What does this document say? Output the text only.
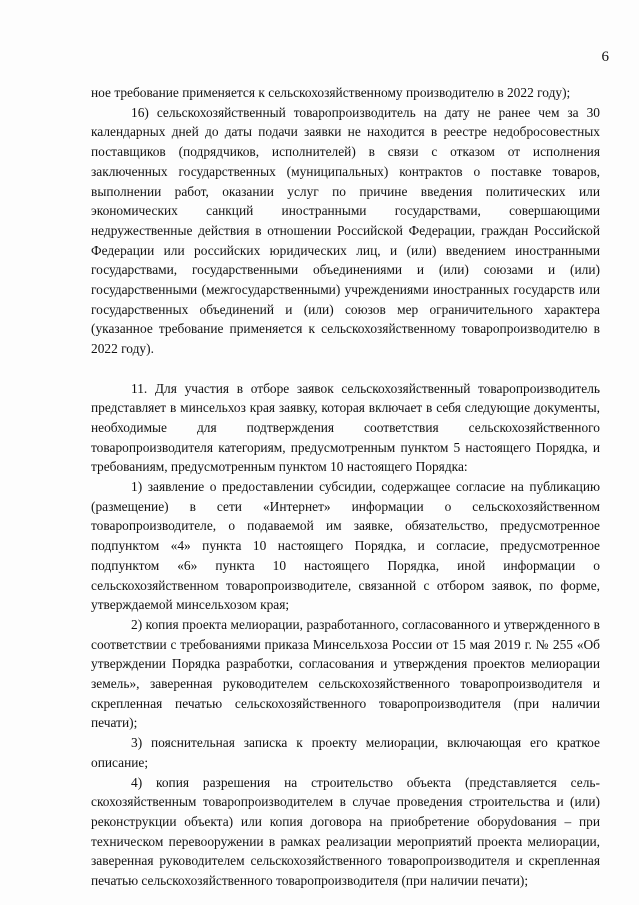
6

ное требование применяется к сельскохозяйственному производителю в 2022 году);

16) сельскохозяйственный товаропроизводитель на дату не ранее чем за 30 календарных дней до даты подачи заявки не находится в реестре недобросовестных поставщиков (подрядчиков, исполнителей) в связи с отказом от исполнения заключенных государственных (муниципальных) контрактов о поставке товаров, выполнении работ, оказании услуг по причине введения политических или экономических санкций иностранными государствами, совершающими недружественные действия в отношении Российской Федерации, граждан Российской Федерации или российских юридических лиц, и (или) введением иностранными государствами, государственными объединениями и (или) союзами и (или) государственными (межгосударственными) учреждениями иностранных государств или государственных объединений и (или) союзов мер ограничительного характера (указанное требование применяется к сельскохозяйственному товаропроизводителю в 2022 году).

11. Для участия в отборе заявок сельскохозяйственный товаропроизводитель представляет в минсельхоз края заявку, которая включает в себя следующие документы, необходимые для подтверждения соответствия сельскохозяйственного товаропроизводителя категориям, предусмотренным пунктом 5 настоящего Порядка, и требованиям, предусмотренным пунктом 10 настоящего Порядка:

1) заявление о предоставлении субсидии, содержащее согласие на публикацию (размещение) в сети «Интернет» информации о сельскохозяйственном товаропроизводителе, о подаваемой им заявке, обязательство, предусмотренное подпунктом «4» пункта 10 настоящего Порядка, и согласие, предусмотренное подпунктом «6» пункта 10 настоящего Порядка, иной информации о сельскохозяйственном товаропроизводителе, связанной с отбором заявок, по форме, утверждаемой минсельхозом края;

2) копия проекта мелиорации, разработанного, согласованного и утвержденного в соответствии с требованиями приказа Минсельхоза России от 15 мая 2019 г. № 255 «Об утверждении Порядка разработки, согласования и утверждения проектов мелиорации земель», заверенная руководителем сельскохозяйственного товаропроизводителя и скрепленная печатью сельскохозяйственного товаропроизводителя (при наличии печати);

3) пояснительная записка к проекту мелиорации, включающая его краткое описание;

4) копия разрешения на строительство объекта (представляется сельскохозяйственным товаропроизводителем в случае проведения строительства и (или) реконструкции объекта) или копия договора на приобретение оборуdования – при техническом перевооружении в рамках реализации мероприятий проекта мелиорации, заверенная руководителем сельскохозяйственного товаропроизводителя и скрепленная печатью сельскохозяйственного товаропроизводителя (при наличии печати);
